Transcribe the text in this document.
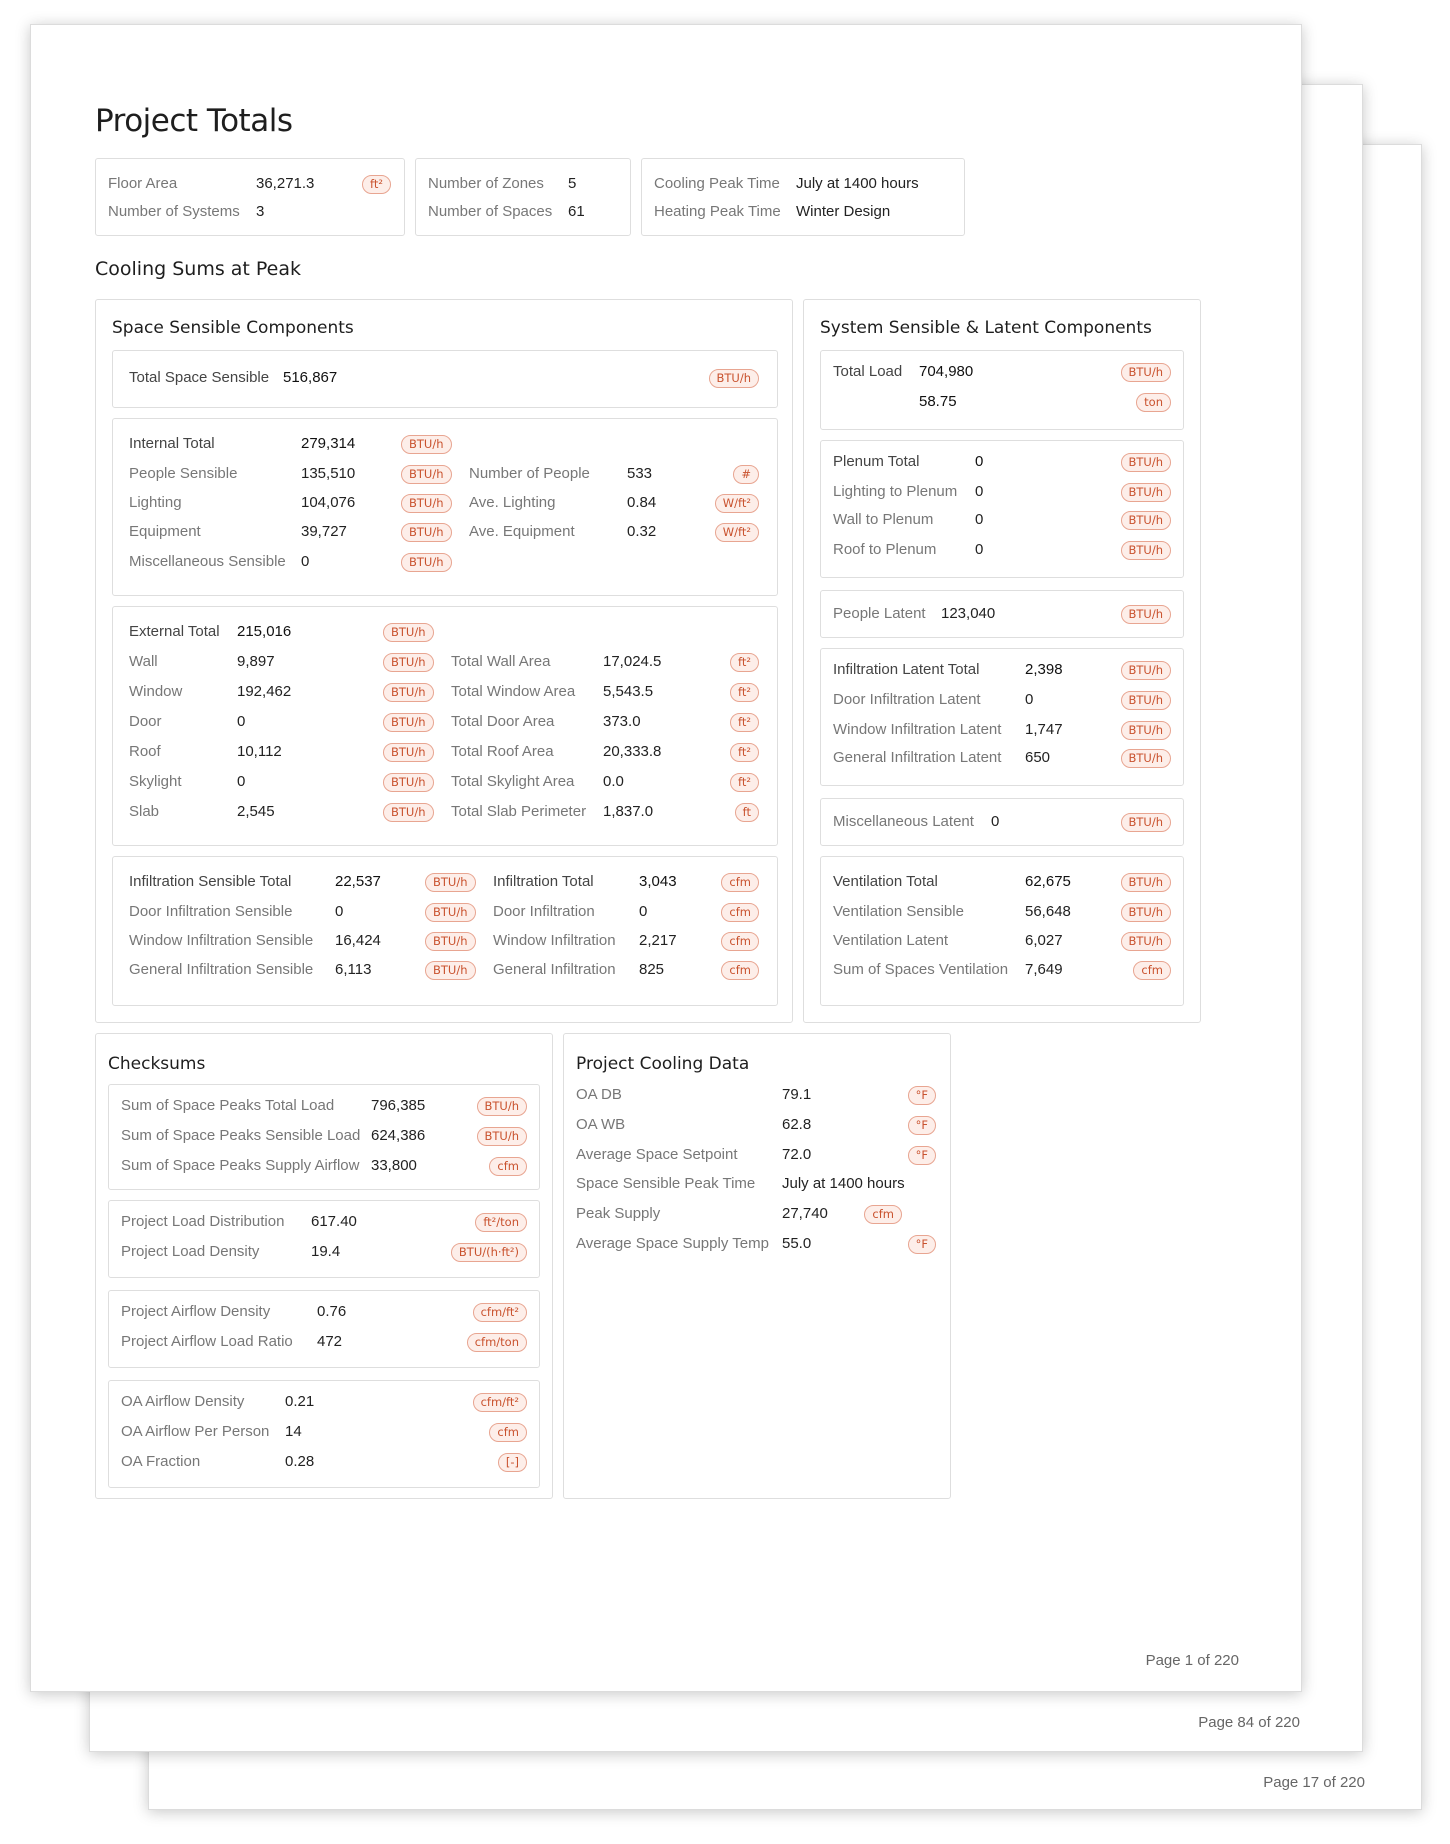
Page 17 of 220
Page 84 of 220
Page 1 of 220
Project Totals
Floor Area	36,271.3	ft²
Number of Systems 3
Number of Zones 5
Number of Spaces 61
Cooling Peak Time July at 1400 hours
Heating Peak Time Winter Design
Cooling Sums at Peak
Space Sensible Components
Total Space Sensible 516,867	BTU/h
Internal Total	279,314	BTU/h
People Sensible	135,510	BTU/h	Number of People 533	#
Lighting	104,076	BTU/h	Ave. Lighting	0.84	W/ft²
Equipment	39,727	BTU/h	Ave. Equipment	0.32	W/ft²
Miscellaneous Sensible 0	BTU/h
External Total 215,016	BTU/h
Wall	9,897	BTU/h	Total Wall Area	17,024.5	ft²
Window	192,462	BTU/h	Total Window Area 5,543.5	ft²
Door	0	BTU/h	Total Door Area	373.0	ft²
Roof	10,112	BTU/h	Total Roof Area	20,333.8	ft²
Skylight	0	BTU/h	Total Skylight Area 0.0	ft²
Slab	2,545	BTU/h	Total Slab Perimeter 1,837.0	ft
Infiltration Sensible Total	22,537	BTU/h	Infiltration Total	3,043	cfm
Door Infiltration Sensible	0	BTU/h	Door Infiltration	0	cfm
Window Infiltration Sensible 16,424	BTU/h	Window Infiltration 2,217	cfm
General Infiltration Sensible 6,113	BTU/h	General Infiltration 825	cfm
System Sensible & Latent Components
Total Load 704,980	BTU/h
58.75	ton
Plenum Total	0	BTU/h
Lighting to Plenum 0	BTU/h
Wall to Plenum	0	BTU/h
Roof to Plenum	0	BTU/h
People Latent 123,040	BTU/h
Infiltration Latent Total	2,398	BTU/h
Door Infiltration Latent	0	BTU/h
Window Infiltration Latent 1,747	BTU/h
General Infiltration Latent 650	BTU/h
Miscellaneous Latent 0	BTU/h
Ventilation Total	62,675	BTU/h
Ventilation Sensible	56,648	BTU/h
Ventilation Latent	6,027	BTU/h
Sum of Spaces Ventilation 7,649	cfm
Checksums
Sum of Space Peaks Total Load 796,385	BTU/h
Sum of Space Peaks Sensible Load 624,386	BTU/h
Sum of Space Peaks Supply Airflow 33,800	cfm
Project Load Distribution 617.40	ft²/ton
Project Load Density	19.4	BTU/(h·ft²)
Project Airflow Density	0.76	cfm/ft²
Project Airflow Load Ratio 472	cfm/ton
OA Airflow Density	0.21	cfm/ft²
OA Airflow Per Person 14	cfm
OA Fraction	0.28	[-]
Project Cooling Data
OA DB	79.1	°F
OA WB	62.8	°F
Average Space Setpoint	72.0	°F
Space Sensible Peak Time July at 1400 hours
Peak Supply	27,740	cfm
Average Space Supply Temp 55.0	°F
